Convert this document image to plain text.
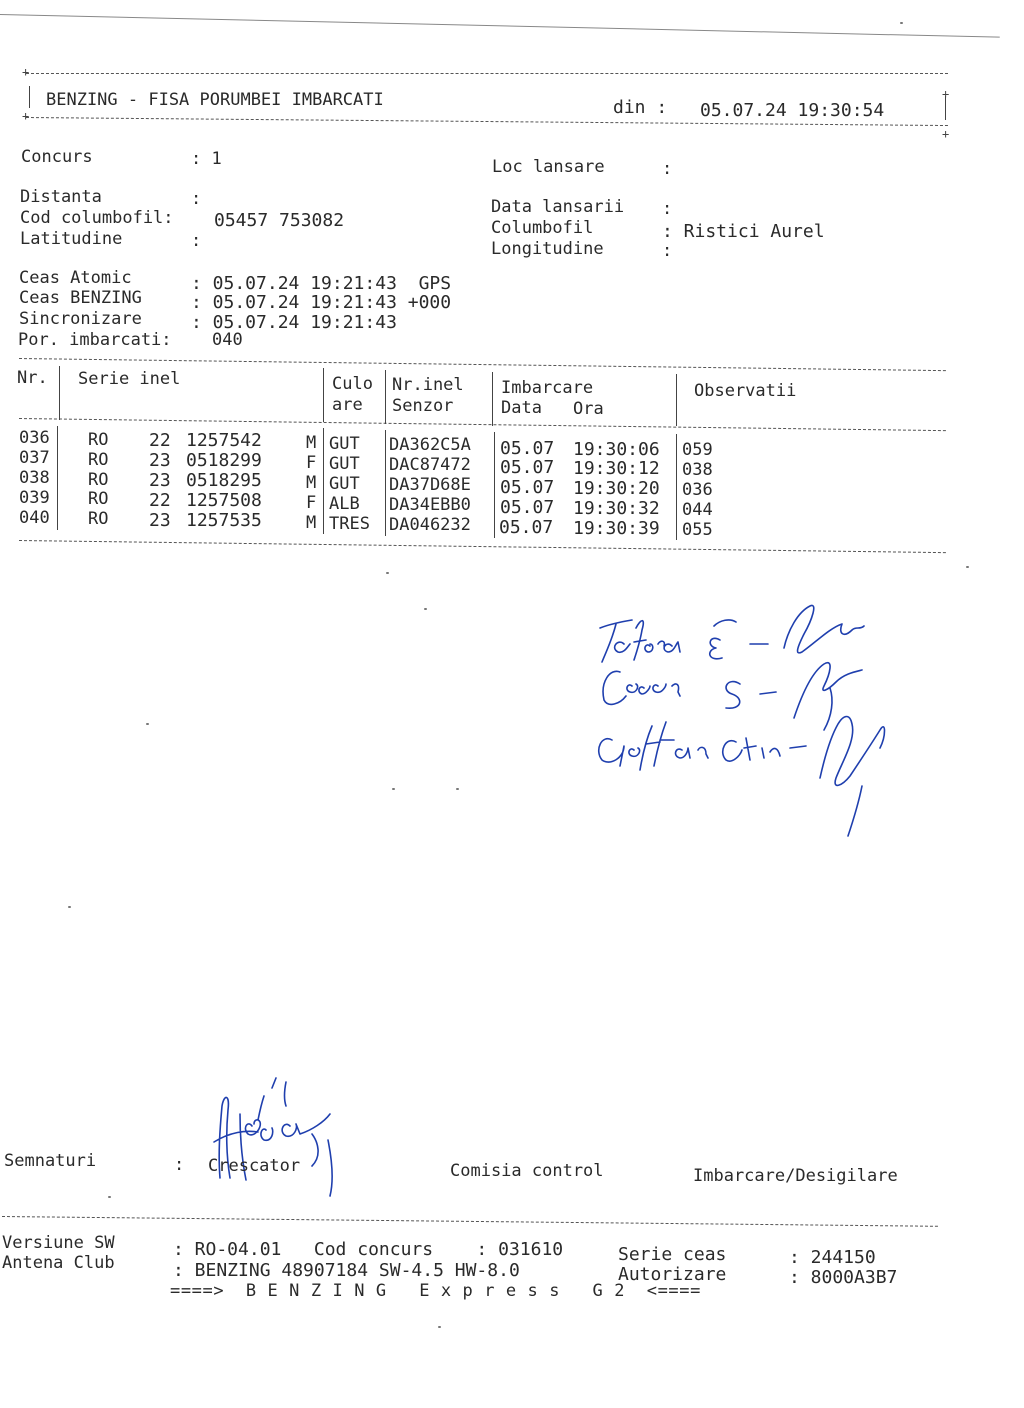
+
+
BENZING - FISA PORUMBEI IMBARCATI	din : 05.07.24 19:30:54
+
+
Concurs	: 1
Distanta	:
Cod columbofil: 05457 753082
Latitudine	:
Loc lansare	:
Data lansarii :
Columbofil	: Ristici Aurel
Longitudine	:
Ceas Atomic	: 05.07.24 19:21:43  GPS
Ceas BENZING	: 05.07.24 19:21:43 +000
Sincronizare	: 05.07.24 19:21:43
Por. imbarcati: 040
Nr. Serie inel	Culo
are
Nr.inel
Senzor
Imbarcare
Data Ora
Observatii
036 RO 22 1257542	M GUT DA362C5A 05.07 19:30:06 059
037 RO 23 0518299	F GUT DAC87472 05.07 19:30:12 038
038 RO 23 0518295	M GUT DA37D68E 05.07 19:30:20 036
039 RO 22 1257508	F ALB DA34EBB0 05.07 19:30:32 044
040 RO 23 1257535	M TRES DA046232 05.07 19:30:39 055
Semnaturi	: Crescator	Comisia control	Imbarcare/Desigilare
Versiune SW
Antena Club
: RO-04.01   Cod concurs    : 031610
: BENZING 48907184 SW-4.5 HW-8.0
Serie ceas	: 244150
Autorizare	: 8000A3B7
====>  B E N Z I N G   E x p r e s s   G 2  <====
